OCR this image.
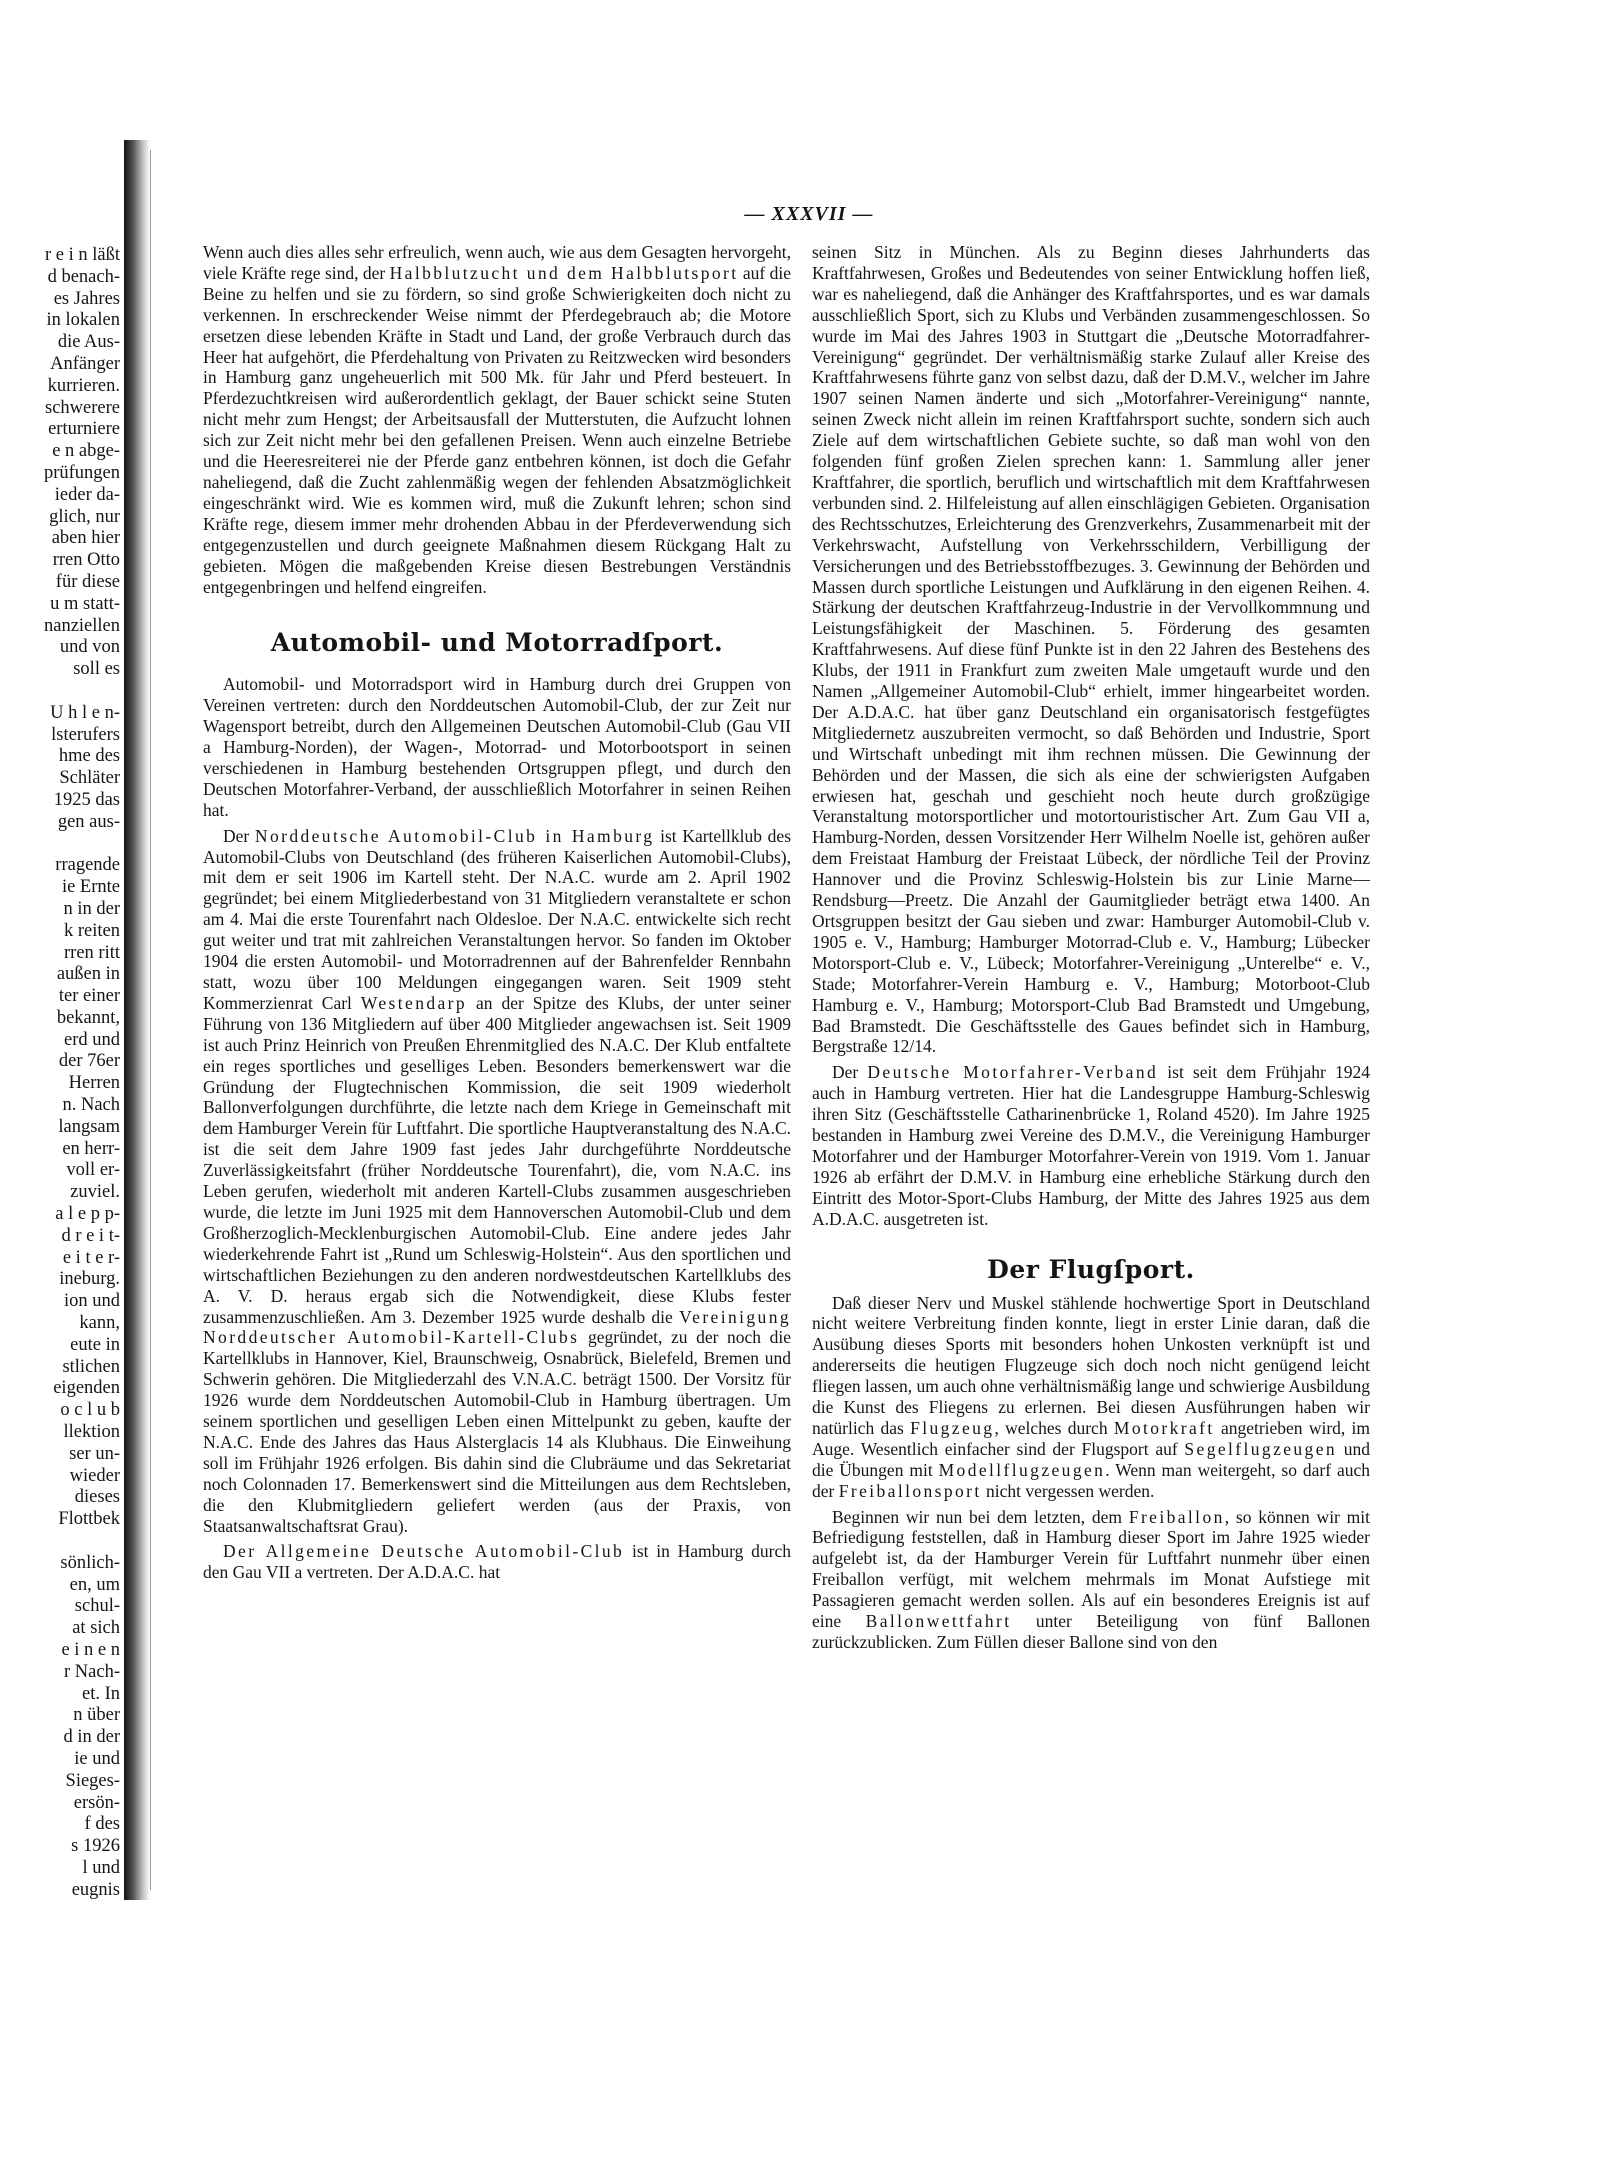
r e i n läßt
d benach-
es Jahres
in lokalen
die Aus-
Anfänger
kurrieren.
schwerere
erturniere
e n abge-
prüfungen
ieder da-
glich, nur
aben hier
rren Otto
für diese
u m statt-
nanziellen
und von
soll es
U h l e n-
lsterufers
hme des
Schläter
1925 das
gen aus-
rragende
ie Ernte
n in der
k reiten
rren ritt
außen in
ter einer
bekannt,
erd und
der 76er
Herren
n. Nach
langsam
en herr-
voll er-
zuviel.
a l e p p-
d r e i t-
e i t e r-
ineburg.
ion und
kann,
eute in
stlichen
eigenden
o c l u b
llektion
ser un-
wieder
dieses
Flottbek
sönlich-
en, um
schul-
at sich
e i n e n
r Nach-
et. In
n über
d in der
ie und
Sieges-
ersön-
f des
s 1926
l und
eugnis
— XXXVII —

Wenn auch dies alles sehr erfreulich, wenn auch, wie aus dem Gesagten hervorgeht, viele Kräfte rege sind, der Halbblutzucht und dem Halbblutsport auf die Beine zu helfen und sie zu fördern, so sind große Schwierigkeiten doch nicht zu verkennen. In erschreckender Weise nimmt der Pferdegebrauch ab; die Motore ersetzen diese lebenden Kräfte in Stadt und Land, der große Verbrauch durch das Heer hat aufgehört, die Pferdehaltung von Privaten zu Reitzwecken wird besonders in Hamburg ganz ungeheuerlich mit 500 Mk. für Jahr und Pferd besteuert. In Pferdezuchtkreisen wird außerordentlich geklagt, der Bauer schickt seine Stuten nicht mehr zum Hengst; der Arbeitsausfall der Mutterstuten, die Aufzucht lohnen sich zur Zeit nicht mehr bei den gefallenen Preisen. Wenn auch einzelne Betriebe und die Heeresreiterei nie der Pferde ganz entbehren können, ist doch die Gefahr naheliegend, daß die Zucht zahlenmäßig wegen der fehlenden Absatzmöglichkeit eingeschränkt wird. Wie es kommen wird, muß die Zukunft lehren; schon sind Kräfte rege, diesem immer mehr drohenden Abbau in der Pferdeverwendung sich entgegenzustellen und durch geeignete Maßnahmen diesem Rückgang Halt zu gebieten. Mögen die maßgebenden Kreise diesen Bestrebungen Verständnis entgegenbringen und helfend eingreifen.

Automobil- und Motorradſport.

Automobil- und Motorradsport wird in Hamburg durch drei Gruppen von Vereinen vertreten: durch den Norddeutschen Automobil-Club, der zur Zeit nur Wagensport betreibt, durch den Allgemeinen Deutschen Automobil-Club (Gau VII a Hamburg-Norden), der Wagen-, Motorrad- und Motorbootsport in seinen verschiedenen in Hamburg bestehenden Ortsgruppen pflegt, und durch den Deutschen Motorfahrer-Verband, der ausschließlich Motorfahrer in seinen Reihen hat.

Der Norddeutsche Automobil-Club in Hamburg ist Kartellklub des Automobil-Clubs von Deutschland (des früheren Kaiserlichen Automobil-Clubs), mit dem er seit 1906 im Kartell steht. Der N.A.C. wurde am 2. April 1902 gegründet; bei einem Mitgliederbestand von 31 Mitgliedern veranstaltete er schon am 4. Mai die erste Tourenfahrt nach Oldesloe. Der N.A.C. entwickelte sich recht gut weiter und trat mit zahlreichen Veranstaltungen hervor. So fanden im Oktober 1904 die ersten Automobil- und Motorradrennen auf der Bahrenfelder Rennbahn statt, wozu über 100 Meldungen eingegangen waren. Seit 1909 steht Kommerzienrat Carl Westendarp an der Spitze des Klubs, der unter seiner Führung von 136 Mitgliedern auf über 400 Mitglieder angewachsen ist. Seit 1909 ist auch Prinz Heinrich von Preußen Ehrenmitglied des N.A.C. Der Klub entfaltete ein reges sportliches und geselliges Leben. Besonders bemerkenswert war die Gründung der Flugtechnischen Kommission, die seit 1909 wiederholt Ballonverfolgungen durchführte, die letzte nach dem Kriege in Gemeinschaft mit dem Hamburger Verein für Luftfahrt. Die sportliche Hauptveranstaltung des N.A.C. ist die seit dem Jahre 1909 fast jedes Jahr durchgeführte Norddeutsche Zuverlässigkeitsfahrt (früher Norddeutsche Tourenfahrt), die, vom N.A.C. ins Leben gerufen, wiederholt mit anderen Kartell-Clubs zusammen ausgeschrieben wurde, die letzte im Juni 1925 mit dem Hannoverschen Automobil-Club und dem Großherzoglich-Mecklenburgischen Automobil-Club. Eine andere jedes Jahr wiederkehrende Fahrt ist „Rund um Schleswig-Holstein“. Aus den sportlichen und wirtschaftlichen Beziehungen zu den anderen nordwestdeutschen Kartellklubs des A. V. D. heraus ergab sich die Notwendigkeit, diese Klubs fester zusammenzuschließen. Am 3. Dezember 1925 wurde deshalb die Vereinigung Norddeutscher Automobil-Kartell-Clubs gegründet, zu der noch die Kartellklubs in Hannover, Kiel, Braunschweig, Osnabrück, Bielefeld, Bremen und Schwerin gehören. Die Mitgliederzahl des V.N.A.C. beträgt 1500. Der Vorsitz für 1926 wurde dem Norddeutschen Automobil-Club in Hamburg übertragen. Um seinem sportlichen und geselligen Leben einen Mittelpunkt zu geben, kaufte der N.A.C. Ende des Jahres das Haus Alsterglacis 14 als Klubhaus. Die Einweihung soll im Frühjahr 1926 erfolgen. Bis dahin sind die Clubräume und das Sekretariat noch Colonnaden 17. Bemerkenswert sind die Mitteilungen aus dem Rechtsleben, die den Klubmitgliedern geliefert werden (aus der Praxis, von Staatsanwaltschaftsrat Grau).

Der Allgemeine Deutsche Automobil-Club ist in Hamburg durch den Gau VII a vertreten. Der A.D.A.C. hat

seinen Sitz in München. Als zu Beginn dieses Jahrhunderts das Kraftfahrwesen, Großes und Bedeutendes von seiner Entwicklung hoffen ließ, war es naheliegend, daß die Anhänger des Kraftfahrsportes, und es war damals ausschließlich Sport, sich zu Klubs und Verbänden zusammengeschlossen. So wurde im Mai des Jahres 1903 in Stuttgart die „Deutsche Motorradfahrer-Vereinigung“ gegründet. Der verhältnismäßig starke Zulauf aller Kreise des Kraftfahrwesens führte ganz von selbst dazu, daß der D.M.V., welcher im Jahre 1907 seinen Namen änderte und sich „Motorfahrer-Vereinigung“ nannte, seinen Zweck nicht allein im reinen Kraftfahrsport suchte, sondern sich auch Ziele auf dem wirtschaftlichen Gebiete suchte, so daß man wohl von den folgenden fünf großen Zielen sprechen kann: 1. Sammlung aller jener Kraftfahrer, die sportlich, beruflich und wirtschaftlich mit dem Kraftfahrwesen verbunden sind. 2. Hilfeleistung auf allen einschlägigen Gebieten. Organisation des Rechtsschutzes, Erleichterung des Grenzverkehrs, Zusammenarbeit mit der Verkehrswacht, Aufstellung von Verkehrsschildern, Verbilligung der Versicherungen und des Betriebsstoffbezuges. 3. Gewinnung der Behörden und Massen durch sportliche Leistungen und Aufklärung in den eigenen Reihen. 4. Stärkung der deutschen Kraftfahrzeug-Industrie in der Vervollkommnung und Leistungsfähigkeit der Maschinen. 5. Förderung des gesamten Kraftfahrwesens. Auf diese fünf Punkte ist in den 22 Jahren des Bestehens des Klubs, der 1911 in Frankfurt zum zweiten Male umgetauft wurde und den Namen „Allgemeiner Automobil-Club“ erhielt, immer hingearbeitet worden. Der A.D.A.C. hat über ganz Deutschland ein organisatorisch festgefügtes Mitgliedernetz auszubreiten vermocht, so daß Behörden und Industrie, Sport und Wirtschaft unbedingt mit ihm rechnen müssen. Die Gewinnung der Behörden und der Massen, die sich als eine der schwierigsten Aufgaben erwiesen hat, geschah und geschieht noch heute durch großzügige Veranstaltung motorsportlicher und motortouristischer Art. Zum Gau VII a, Hamburg-Norden, dessen Vorsitzender Herr Wilhelm Noelle ist, gehören außer dem Freistaat Hamburg der Freistaat Lübeck, der nördliche Teil der Provinz Hannover und die Provinz Schleswig-Holstein bis zur Linie Marne—Rendsburg—Preetz. Die Anzahl der Gaumitglieder beträgt etwa 1400. An Ortsgruppen besitzt der Gau sieben und zwar: Hamburger Automobil-Club v. 1905 e. V., Hamburg; Hamburger Motorrad-Club e. V., Hamburg; Lübecker Motorsport-Club e. V., Lübeck; Motorfahrer-Vereinigung „Unterelbe“ e. V., Stade; Motorfahrer-Verein Hamburg e. V., Hamburg; Motorboot-Club Hamburg e. V., Hamburg; Motorsport-Club Bad Bramstedt und Umgebung, Bad Bramstedt. Die Geschäftsstelle des Gaues befindet sich in Hamburg, Bergstraße 12/14.

Der Deutsche Motorfahrer-Verband ist seit dem Frühjahr 1924 auch in Hamburg vertreten. Hier hat die Landesgruppe Hamburg-Schleswig ihren Sitz (Geschäftsstelle Catharinenbrücke 1, Roland 4520). Im Jahre 1925 bestanden in Hamburg zwei Vereine des D.M.V., die Vereinigung Hamburger Motorfahrer und der Hamburger Motorfahrer-Verein von 1919. Vom 1. Januar 1926 ab erfährt der D.M.V. in Hamburg eine erhebliche Stärkung durch den Eintritt des Motor-Sport-Clubs Hamburg, der Mitte des Jahres 1925 aus dem A.D.A.C. ausgetreten ist.

Der Flugſport.

Daß dieser Nerv und Muskel stählende hochwertige Sport in Deutschland nicht weitere Verbreitung finden konnte, liegt in erster Linie daran, daß die Ausübung dieses Sports mit besonders hohen Unkosten verknüpft ist und andererseits die heutigen Flugzeuge sich doch noch nicht genügend leicht fliegen lassen, um auch ohne verhältnismäßig lange und schwierige Ausbildung die Kunst des Fliegens zu erlernen. Bei diesen Ausführungen haben wir natürlich das Flugzeug, welches durch Motorkraft angetrieben wird, im Auge. Wesentlich einfacher sind der Flugsport auf Segelflugzeugen und die Übungen mit Modellflugzeugen. Wenn man weitergeht, so darf auch der Freiballonsport nicht vergessen werden.

Beginnen wir nun bei dem letzten, dem Freiballon, so können wir mit Befriedigung feststellen, daß in Hamburg dieser Sport im Jahre 1925 wieder aufgelebt ist, da der Hamburger Verein für Luftfahrt nunmehr über einen Freiballon verfügt, mit welchem mehrmals im Monat Aufstiege mit Passagieren gemacht werden sollen. Als auf ein besonderes Ereignis ist auf eine Ballonwettfahrt unter Beteiligung von fünf Ballonen zurückzublicken. Zum Füllen dieser Ballone sind von den
